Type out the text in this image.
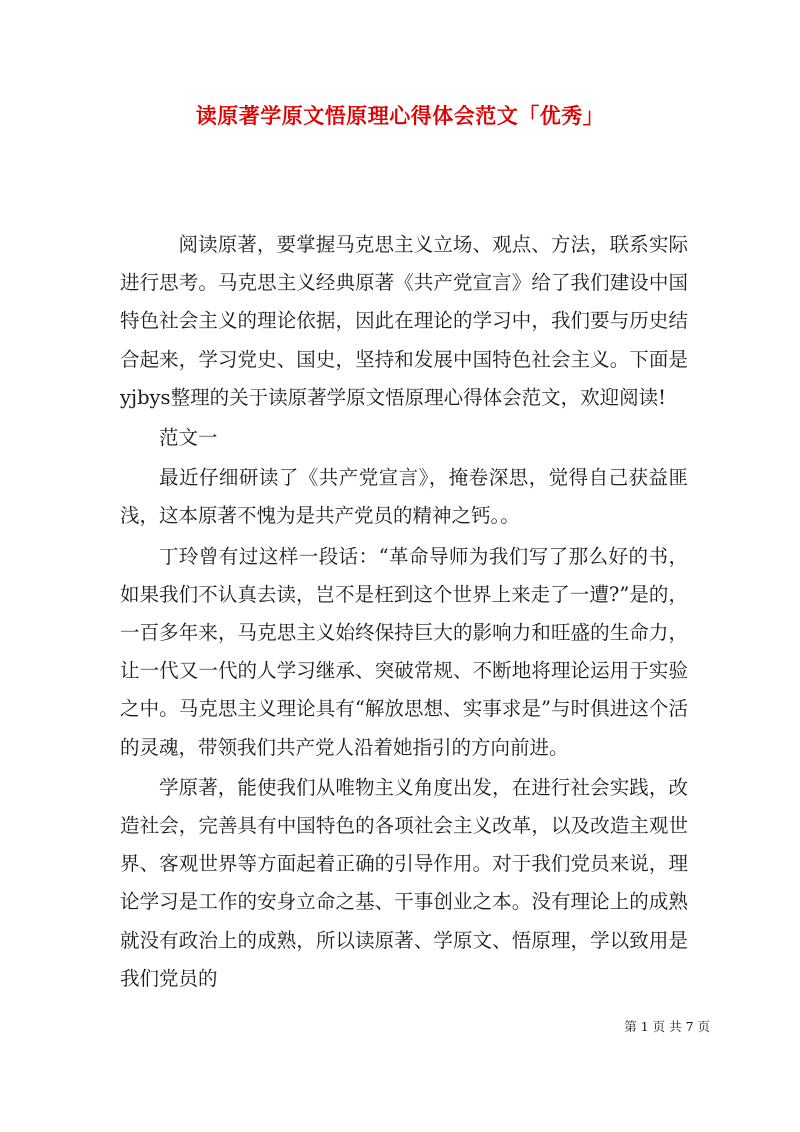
读原著学原文悟原理心得体会范文「优秀」

阅读原著，要掌握马克思主义立场、观点、方法，联系实际进行思考。马克思主义经典原著《共产党宣言》给了我们建设中国特色社会主义的理论依据，因此在理论的学习中，我们要与历史结合起来，学习党史、国史，坚持和发展中国特色社会主义。下面是yjbys整理的关于读原著学原文悟原理心得体会范文，欢迎阅读!

范文一

最近仔细研读了《共产党宣言》，掩卷深思，觉得自己获益匪浅，这本原著不愧为是共产党员的精神之钙。。

丁玲曾有过这样一段话：“革命导师为我们写了那么好的书，如果我们不认真去读，岂不是枉到这个世界上来走了一遭?”是的，一百多年来，马克思主义始终保持巨大的影响力和旺盛的生命力，让一代又一代的人学习继承、突破常规、不断地将理论运用于实验之中。马克思主义理论具有“解放思想、实事求是”与时俱进这个活的灵魂，带领我们共产党人沿着她指引的方向前进。

学原著，能使我们从唯物主义角度出发，在进行社会实践，改造社会，完善具有中国特色的各项社会主义改革，以及改造主观世界、客观世界等方面起着正确的引导作用。对于我们党员来说，理论学习是工作的安身立命之基、干事创业之本。没有理论上的成熟就没有政治上的成熟，所以读原著、学原文、悟原理，学以致用是我们党员的

第 1 页 共 7 页
